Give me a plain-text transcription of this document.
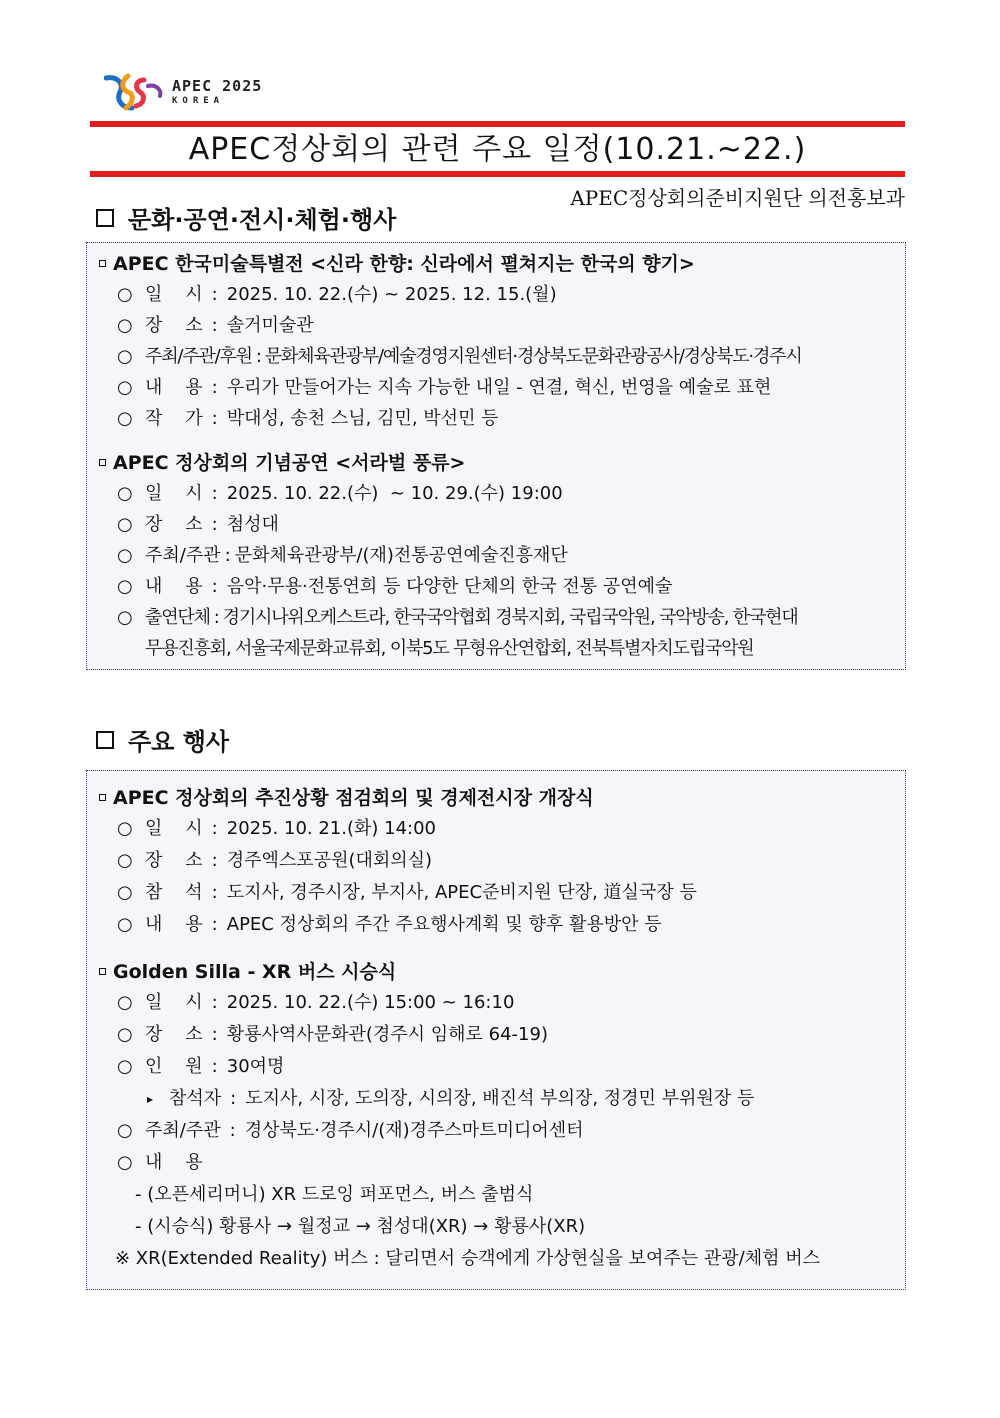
APEC 2025
KOREA
APEC정상회의 관련 주요 일정(10.21.~22.)
APEC정상회의준비지원단 의전홍보과
문화·공연·전시·체험·행사
APEC 한국미술특별전 <신라 한향: 신라에서 펼쳐지는 한국의 향기>
○ 일    시 : 2025. 10. 22.(수) ~ 2025. 12. 15.(월)
○ 장    소 : 솔거미술관
○ 주최/주관/후원 : 문화체육관광부/예술경영지원센터·경상북도문화관광공사/경상북도·경주시
○ 내    용 : 우리가 만들어가는 지속 가능한 내일 - 연결, 혁신, 번영을 예술로 표현
○ 작    가 : 박대성, 송천 스님, 김민, 박선민 등
APEC 정상회의 기념공연 <서라벌 풍류>
○ 일    시 : 2025. 10. 22.(수)  ~ 10. 29.(수) 19:00
○ 장    소 : 첨성대
○ 주최/주관 : 문화체육관광부/(재)전통공연예술진흥재단
○ 내    용 : 음악·무용·전통연희 등 다양한 단체의 한국 전통 공연예술
○ 출연단체 : 경기시나위오케스트라, 한국국악협회 경북지회, 국립국악원, 국악방송, 한국현대
무용진흥회, 서울국제문화교류회, 이북5도 무형유산연합회, 전북특별자치도립국악원
주요 행사
APEC 정상회의 추진상황 점검회의 및 경제전시장 개장식
○ 일    시 : 2025. 10. 21.(화) 14:00
○ 장    소 : 경주엑스포공원(대회의실)
○ 참    석 : 도지사, 경주시장, 부지사, APEC준비지원 단장, 道실국장 등
○ 내    용 : APEC 정상회의 주간 주요행사계획 및 향후 활용방안 등
Golden Silla - XR 버스 시승식
○ 일    시 : 2025. 10. 22.(수) 15:00 ~ 16:10
○ 장    소 : 황룡사역사문화관(경주시 임해로 64-19)
○ 인    원 : 30여명
▸ 참석자 : 도지사, 시장, 도의장, 시의장, 배진석 부의장, 정경민 부위원장 등
○ 주최/주관 : 경상북도·경주시/(재)경주스마트미디어센터
○ 내    용
- (오픈세리머니) XR 드로잉 퍼포먼스, 버스 출범식
- (시승식) 황룡사 → 월정교 → 첨성대(XR) → 황룡사(XR)
※ XR(Extended Reality) 버스 : 달리면서 승객에게 가상현실을 보여주는 관광/체험 버스
